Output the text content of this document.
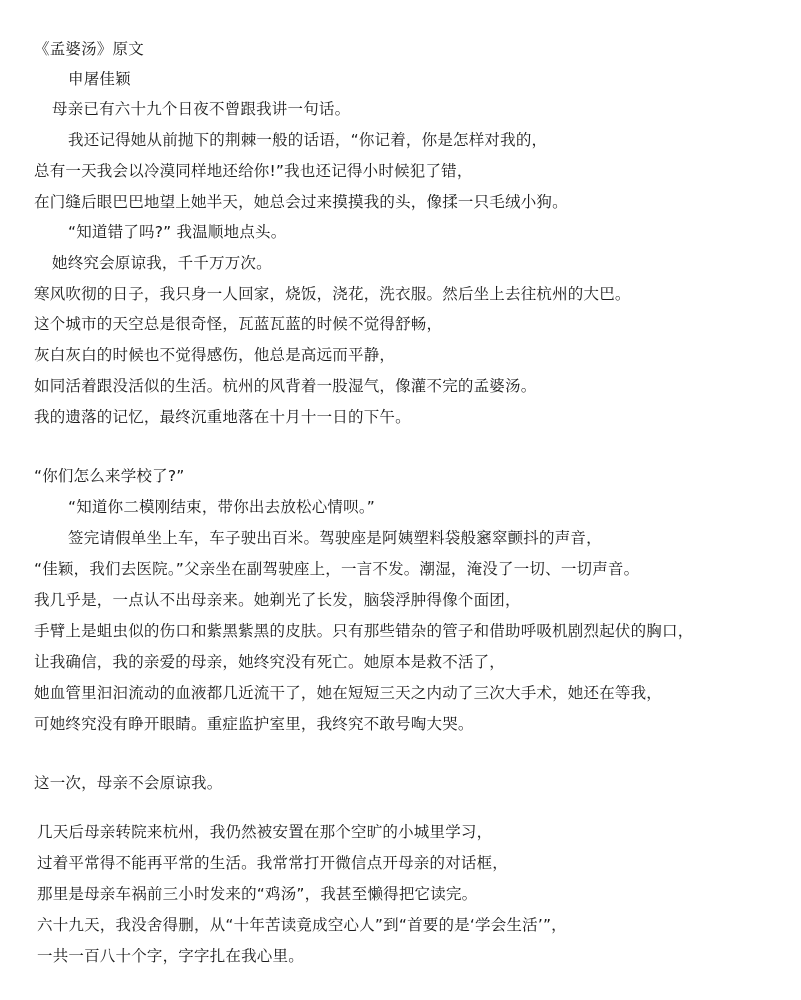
《孟婆汤》原文
申屠佳颖
母亲已有六十九个日夜不曾跟我讲一句话。
我还记得她从前抛下的荆棘一般的话语，“你记着，你是怎样对我的，
总有一天我会以冷漠同样地还给你!”我也还记得小时候犯了错，
在门缝后眼巴巴地望上她半天，她总会过来摸摸我的头，像揉一只毛绒小狗。
“知道错了吗?” 我温顺地点头。
她终究会原谅我，千千万万次。
寒风吹彻的日子，我只身一人回家，烧饭，浇花，洗衣服。然后坐上去往杭州的大巴。
这个城市的天空总是很奇怪，瓦蓝瓦蓝的时候不觉得舒畅，
灰白灰白的时候也不觉得感伤，他总是高远而平静，
如同活着跟没活似的生活。杭州的风背着一股湿气，像灌不完的孟婆汤。
我的遗落的记忆，最终沉重地落在十月十一日的下午。
“你们怎么来学校了?”
“知道你二模刚结束，带你出去放松心情呗。”
签完请假单坐上车，车子驶出百米。驾驶座是阿姨塑料袋般窸窣颤抖的声音，
“佳颖，我们去医院。”父亲坐在副驾驶座上，一言不发。潮湿，淹没了一切、一切声音。
我几乎是，一点认不出母亲来。她剃光了长发，脑袋浮肿得像个面团，
手臂上是蛆虫似的伤口和紫黑紫黑的皮肤。只有那些错杂的管子和借助呼吸机剧烈起伏的胸口，
让我确信，我的亲爱的母亲，她终究没有死亡。她原本是救不活了，
她血管里汩汩流动的血液都几近流干了，她在短短三天之内动了三次大手术，她还在等我，
可她终究没有睁开眼睛。重症监护室里，我终究不敢号啕大哭。
这一次，母亲不会原谅我。
几天后母亲转院来杭州，我仍然被安置在那个空旷的小城里学习，
过着平常得不能再平常的生活。我常常打开微信点开母亲的对话框，
那里是母亲车祸前三小时发来的“鸡汤”，我甚至懒得把它读完。
六十九天，我没舍得删，从“十年苦读竟成空心人”到“首要的是‘学会生活’”，
一共一百八十个字，字字扎在我心里。
